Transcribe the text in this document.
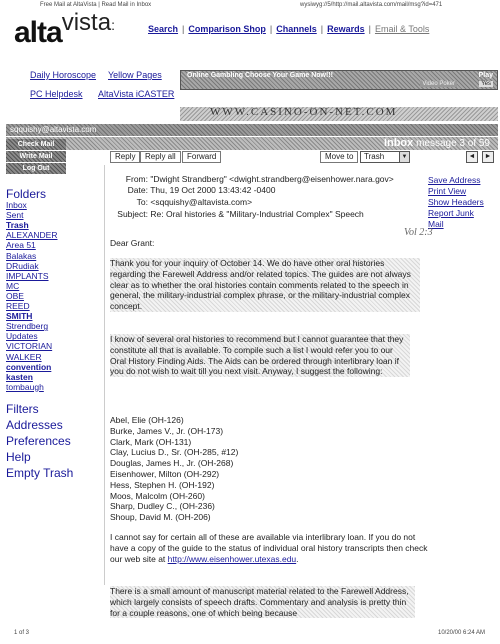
Free Mail at AltaVista | Read Mail in Inbox	wysiwyg://5/http://mail.altavista.com/mail/msg?id=471
altavista:	Search | Comparison Shop | Channels | Rewards | Email & Tools
Daily Horoscope Yellow Pages
PC Helpdesk AltaVista iCASTER
Online Gambling Choose Your Game Now!!!	Play
Video Poker	Yes
WWW.CASINO-ON-NET.COM
sqquishy@altavista.com
Inbox message 3 of 59
Check Mail
Write Mail
Log Out
Reply	Reply all	Forward	Move to	Trash	▼	◄	►
Folders
Inbox
Sent
Trash
ALEXANDER
Area 51
Balakas
DRudiak
IMPLANTS
MC
OBE
REED
SMITH
Strendberg
Updates
VICTORIAN
WALKER
convention
kasten
tombaugh
Filters
Addresses
Preferences
Help
Empty Trash
From: "Dwight Strandberg" <dwight.strandberg@eisenhower.nara.gov>
Date: Thu, 19 Oct 2000 13:43:42 -0400
To: <sqquishy@altavista.com>
Subject: Re: Oral histories & "Military-Industrial Complex" Speech
Save Address
Print View
Show Headers
Report Junk Mail
Vol 2:3
Dear Grant:
Thank you for your inquiry of October 14. We do have other oral histories regarding the Farewell Address and/or related topics. The guides are not always clear as to whether the oral histories contain comments related to the speech in general, the military-industrial complex phrase, or the military-industrial complex concept.
I know of several oral histories to recommend but I cannot guarantee that they constitute all that is available. To compile such a list I would refer you to our Oral History Finding Aids. The Aids can be ordered through interlibrary loan if you do not wish to wait till you next visit. Anyway, I suggest the following:
Abel, Elie (OH-126)
Burke, James V., Jr. (OH-173)
Clark, Mark (OH-131)
Clay, Lucius D., Sr. (OH-285, #12)
Douglas, James H., Jr. (OH-268)
Eisenhower, Milton (OH-292)
Hess, Stephen H. (OH-192)
Moos, Malcolm (OH-260)
Sharp, Dudley C., (OH-236)
Shoup, David M. (OH-206)
I cannot say for certain all of these are available via interlibrary loan. If you do not have a copy of the guide to the status of individual oral history transcripts then check our web site at http://www.eisenhower.utexas.edu.
There is a small amount of manuscript material related to the Farewell Address, which largely consists of speech drafts. Commentary and analysis is pretty thin for a couple reasons, one of which being because
1 of 3	10/20/00 6:24 AM
